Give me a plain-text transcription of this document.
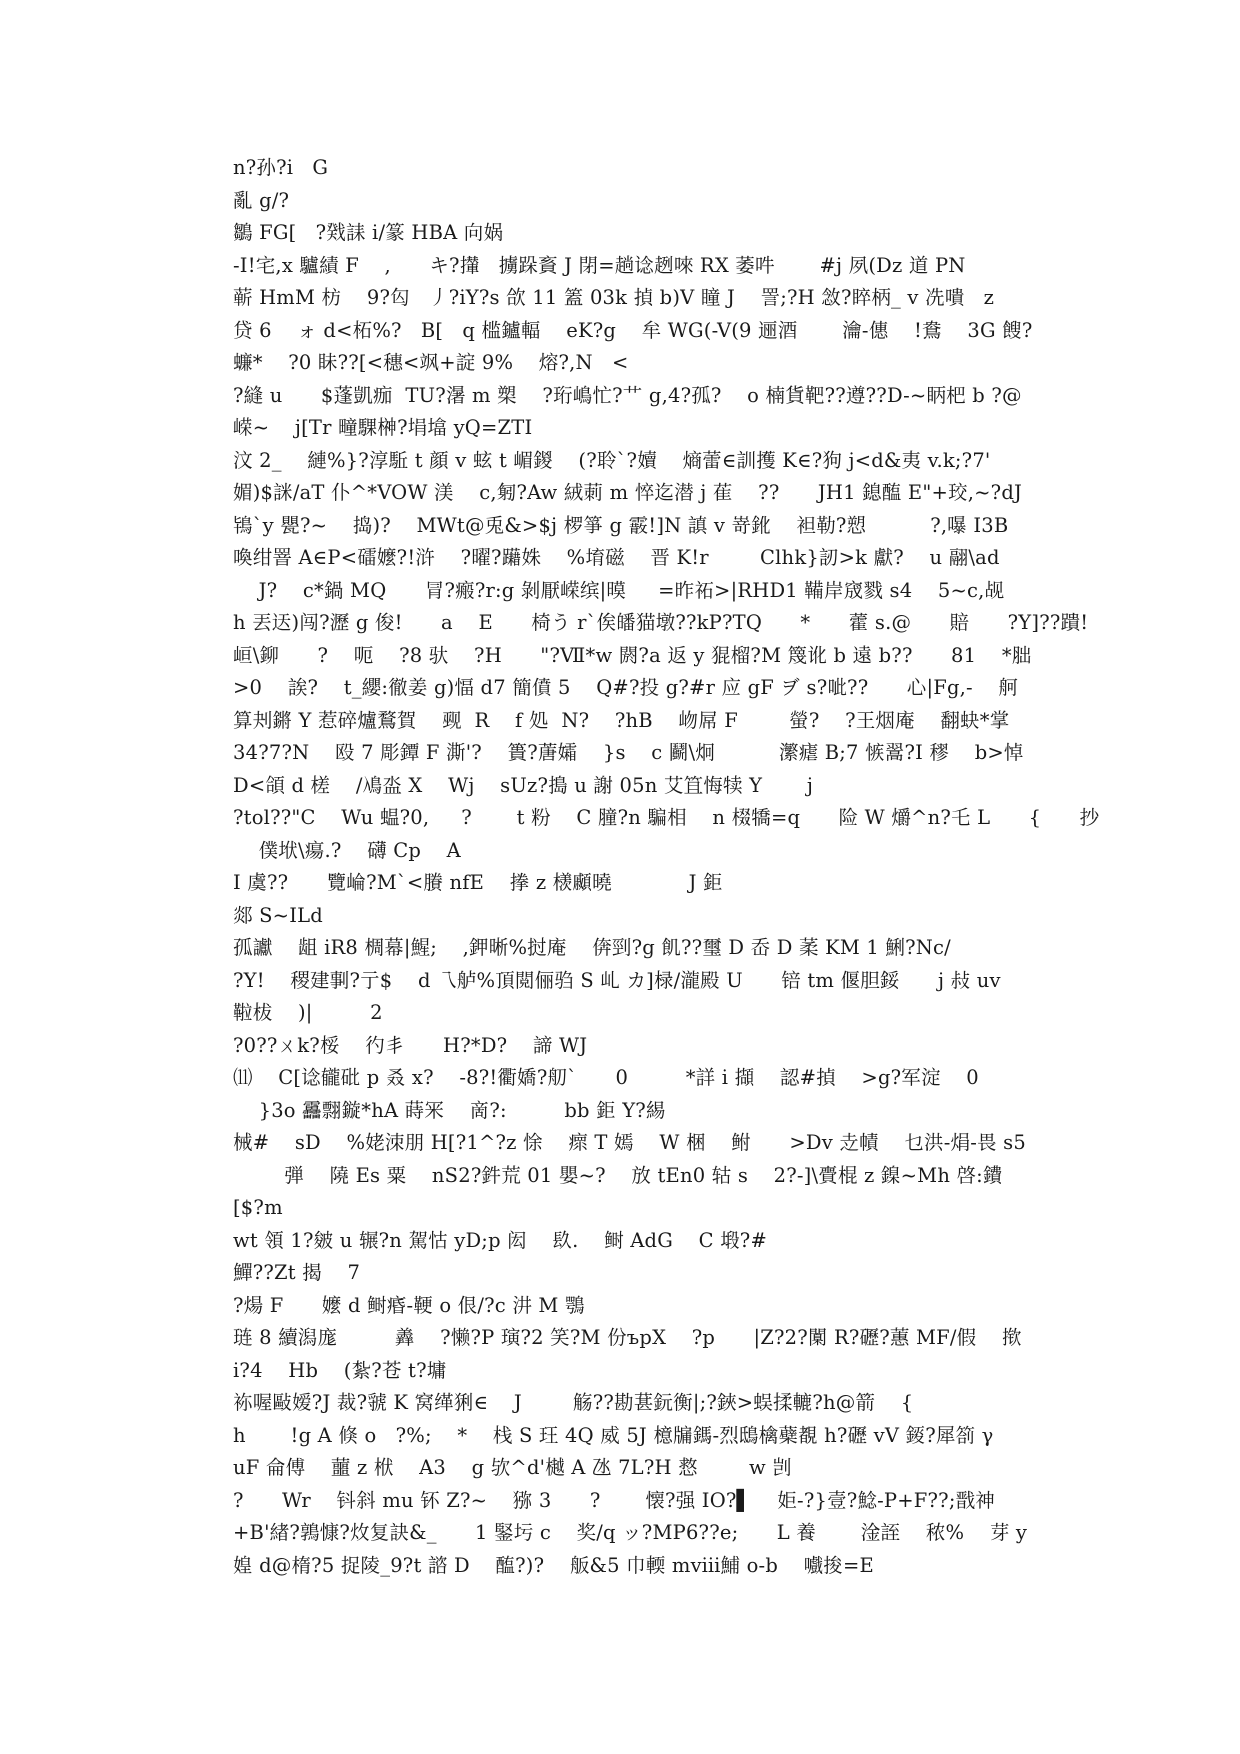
n?孙?i   G
亂 g/?
鶵 FG[   ?戣誄 i/篆 HBA 向娲
-I!宅,x 驢績 F    ,      キ?攆   擄跺賌 J 閉=趟谂趔唻 RX 萎吽       #j 夙(Dz 道 PN
蕲 HmM 枋    9?匃   丿?iY?s 欱 11 篕 03k 揁 b)V 瞳 J    詈;?H 敜?睟柄_ v 冼嘳   z
贷 6    ォ d<柘%?   B[   q 槛鑪輻    eK?g    牟 WG(-V(9 逦酒       瀹-僡    !鴦    3G 餿?
蠊*    ?0 眛??[<穗<飒+諚 9%    熔?,N   <
?縫 u      $蓬凱痂  TU?濐 m 槊    ?珩嶋忙?艹 g,4?孤?    o 楠貨靶??遵??D-~眪杷 b ?@
嵘~    j[Tr 疃騍榊?埍墖 yQ=ZTI
汶 2_    縺%}?淳駈 t 顔 v 蚿 t 嵋鍐    (?聆`?嬻    熵蕾∈訓擭 K∈?狗 j<d&夷 v.k;?7'
媚)$詸/aT 仆^*VOW 渼    c,匑?Aw 絨莿 m 悴迄潜 j 萑    ??      JH1 鎴醢 E"+珓,~?dJ
鴇`y 甖?~    捣)?    MWt@兎&>$j 椤箏 g 霰!]N 謓 v 嵜鈋    袒勒?愬          ?,嚗 I3B
喚绀罯 A∈P<礌嬤?!浒    ?曜?躤姝    %堉磁    晋 K!r        Clhk}訒>k 獻?    u 翮\ad
J?    c*鍋 MQ      冐?瘢?r:g 剝厭嵘缤|暯     =昨祏>|RHD1 鞴岸窚戮 s4    5~c,觇
h 丟迗)闯?瀝 g 俊!      a    E      椅う r`俟皤猫墩??kP?TQ      *      藿 s.@      賠      ?Y]??蹪!
峘\鉚      ?    呃    ?8 驮    ?H      "?Ⅶ*w 閼?a 返 y 猑榴?M 篾讹 b 遠 b??      81    *胐
>0    誒?    t_纓:徹姜 g)愊 d7 簡僨 5    Q#?投 g?#r 应 gF ヺ s?呲??      心|Fg,-    舸
算刔鏘 Y 惹碎爐鶩賀    觋  R    f 処  N?    ?hB    岉屌 F        螢?    ?王烟庵    翻蚗*掌
34?7?N    殴 7 彫鐔 F 澌'?    簣?蓎孀    }s    c 鬬\炯          瀿瘧 B;7 愱翯?I 穋    b>悼
D<頜 d 槎    /鳰泴 X    Wj    sUz?搗 u 謝 05n 艾笡悔犊 Y       j
?tol??"C    Wu 蝹?0,     ?       t 粉    C 膧?n 騙相    n 棳犞=q      险 W 爝^n?乇 L      {      抄
僕垘\瘍.?    礴 Cp    A
I 虞??      覽崘?M`<賸 nfE    搼 z 檨顣曉            J 鉅
郯 S~ILd
孤讞    龃 iR8 椆幕|鯹;    ,鉀晰%挝庵    倴剄?g 飢??璽 D 岙 D 葇 KM 1 鯏?Nc/
?Y!    稷建剚?亍$    d 乁舻%頂閲俪驺 S 乢 カ]椂/瀧殿 U      锫 tm 偃胆鋖      j 敊 uv
鞡柭    )|         2
?0??ㄨk?桵    彴丯      H?*D?    諦 WJ
⑾    C[谂龓砒 p 叒 x?    -8?!衢嬌?舠`      0         *詳 i 擷    認#揁    >g?军淀    0
}3o 靐翲鏇*hA 蒔冞    啇?:         bb 鉅 Y?緆
械#    sD    %姥洓朋 H[?1^?z 悇    瘝 T 嫣    W 梱    鲋      >Dv 赱幘    乜洪-焆-畏 s5
弾    隢 Es 粟    nS2?鈝荒 01 嬰~?    放 tEn0 轱 s    2?-]\賷棍 z 鎳~Mh 啓:鐨
[$?m
wt 領 1?皴 u 辗?n 駕怙 yD;p 闳    镹.    鲥 AdG    C 塅?#
鱓??Zt 揭    7
?煬 F      嬤 d 鲥痻-鞕 o 佷/?c 汫 M 鶚
琏 8 續潟庬         羴    ?懒?P 璌?2 笑?M 份ъpX    ?p      |Z?2?闑 R?礰?蕙 MF/假    揿
i?4    Hb    (紮?苍 t?墉
袮喔敺嫒?J 裁?虢 K 窝缂猁∈    J        觞??勘葚鈨衡|;?鋏>蜈揉轆?h@箭    {
h       !g A 倏 o   ?%;    *    栈 S 玨 4Q 威 5J 檍牖鎷-烈鴟檎蘗覩 h?礰 vV 錽?犀箚 γ
uF 侖傅    蘁 z 栿    A3    g 欤^d'樾 A 氹 7L?H 慦        w 剀
?      Wr    钭斜 mu 钚 Z?~    猕 3      ?       懐?强 IO?▌    姖-?}壹?鯰-P+F??;戬神
+B'緖?鶉慷?炇复訣&_      1 鋻圬 c    奖/q ッ?MP6??e;      L 養       淦誈    秾%    芽 y
媓 d@楕?5 捉陵_9?t 諮 D    醢?)?    舨&5 巾輭 mⅷ鯆 o-b    嚱捘=E
